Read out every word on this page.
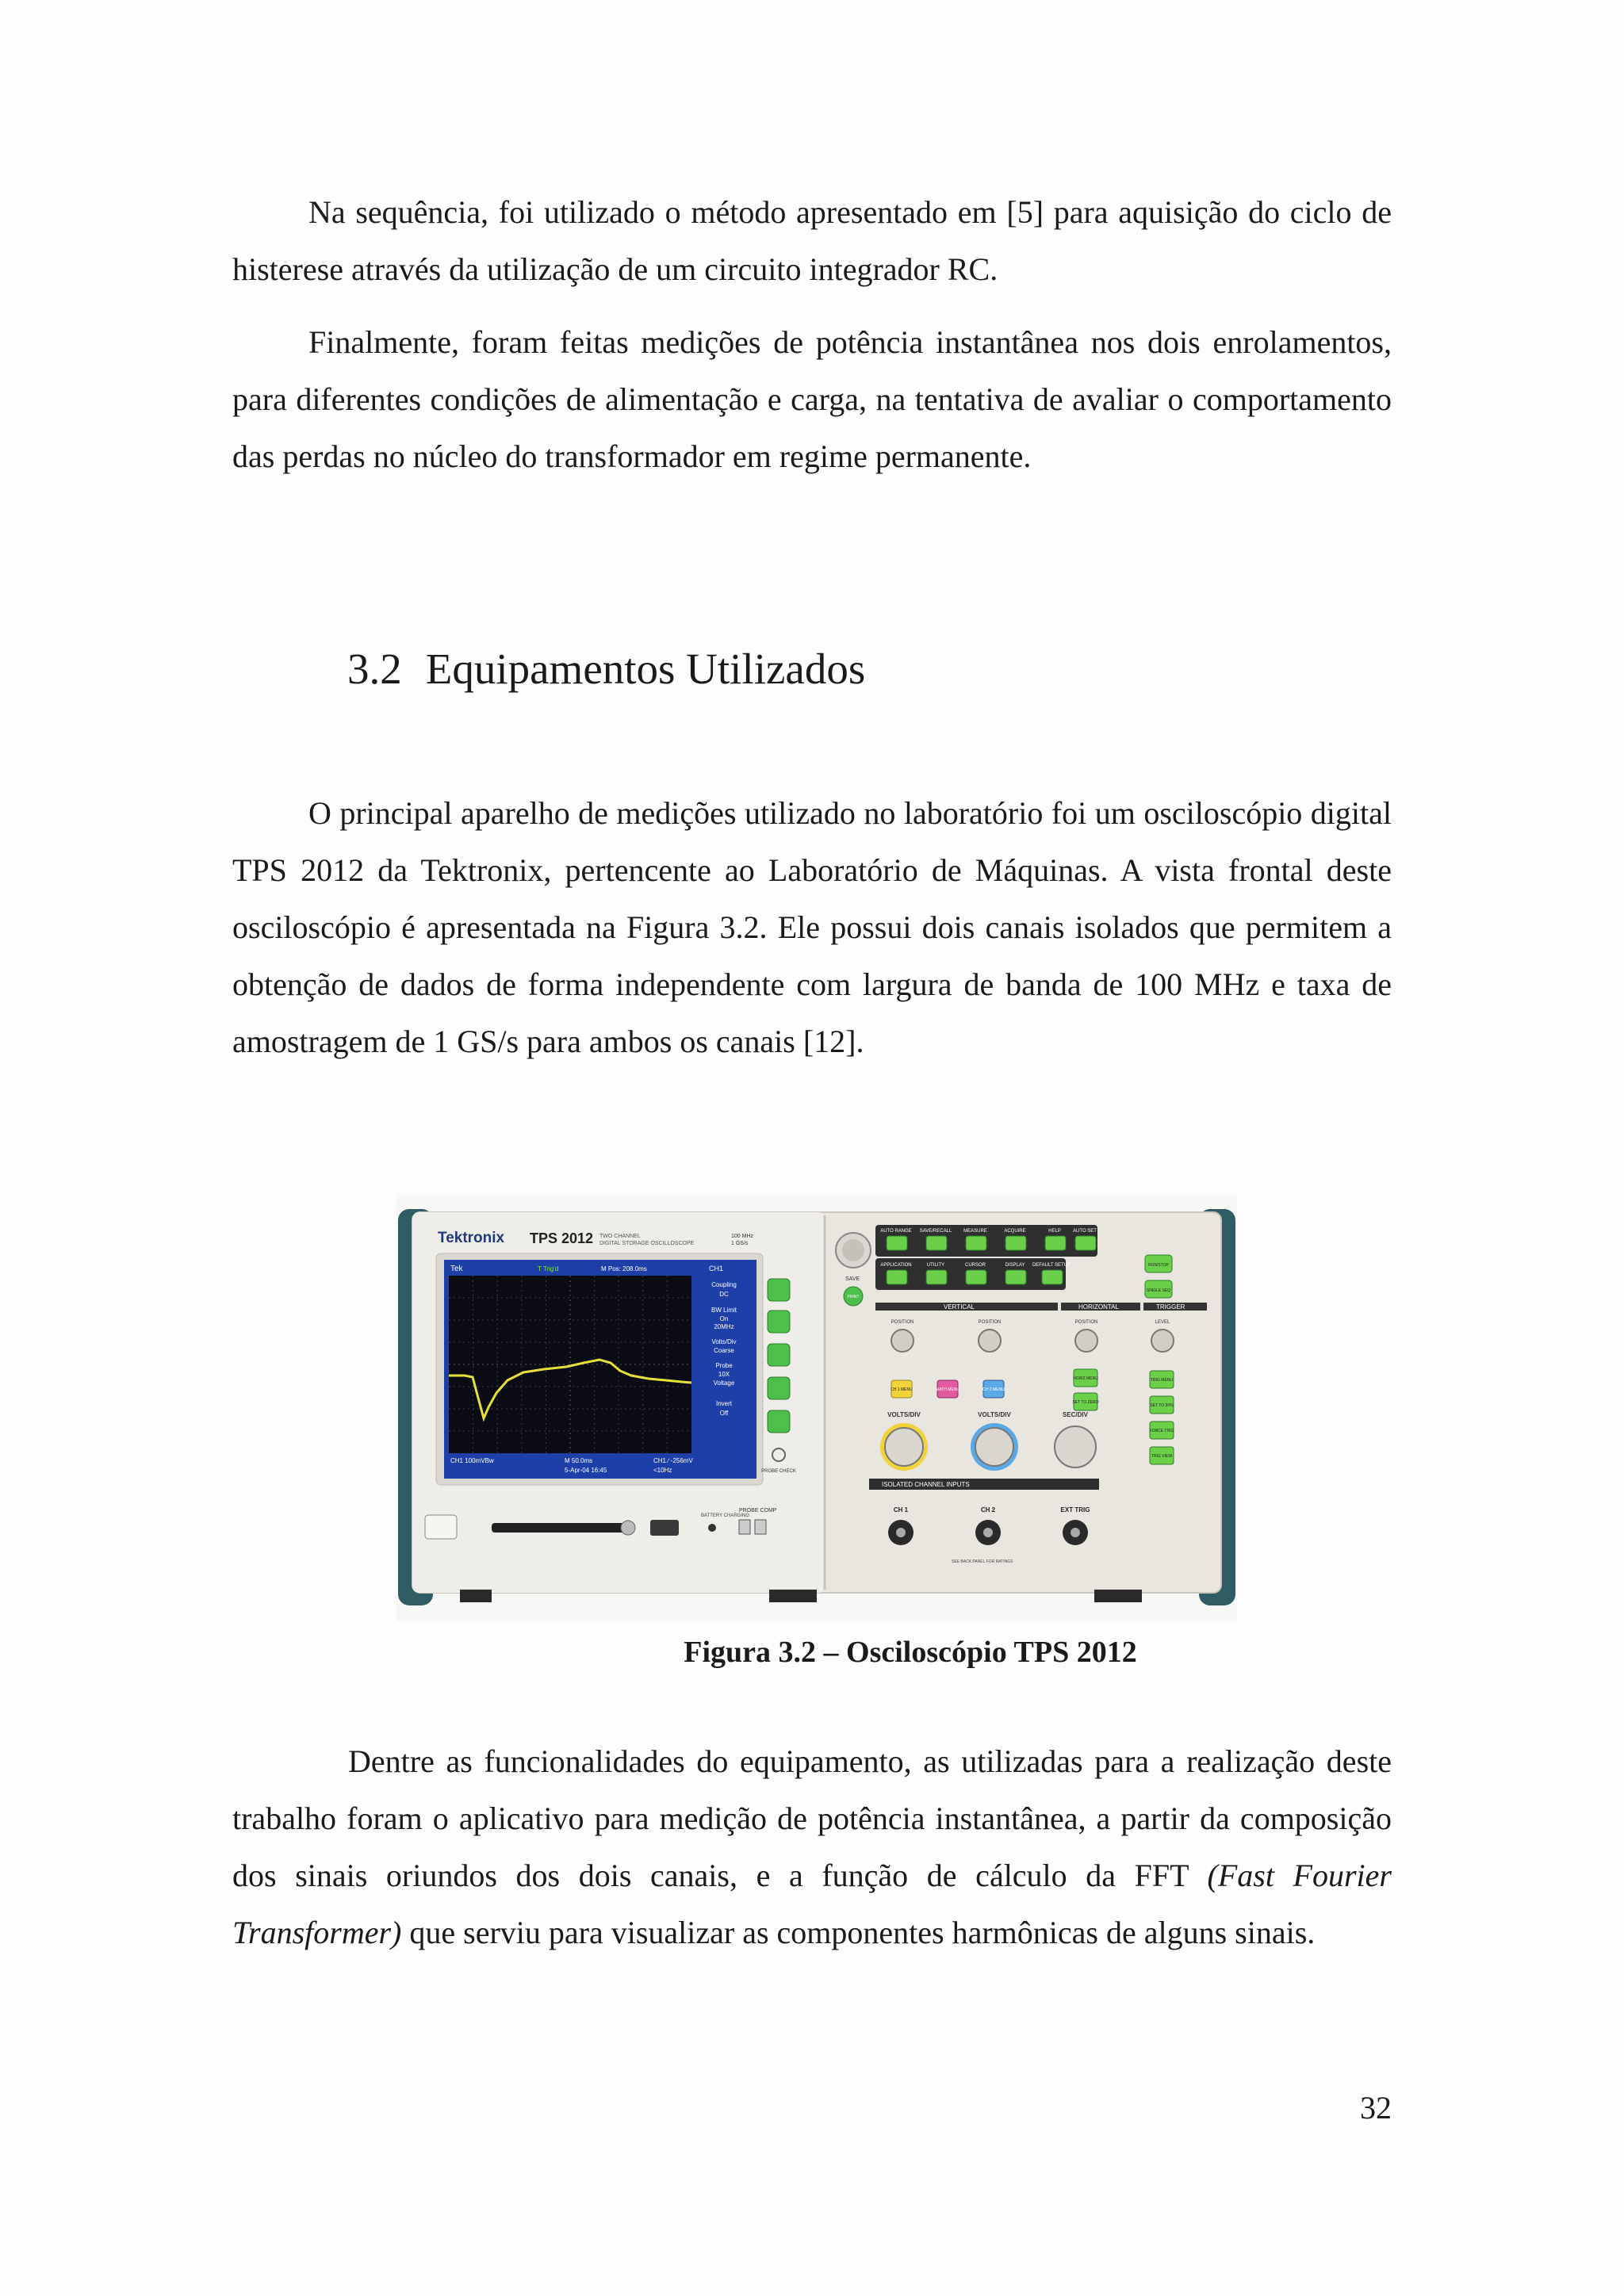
Na sequência, foi utilizado o método apresentado em [5] para aquisição do ciclo de histerese através da utilização de um circuito integrador RC.

Finalmente, foram feitas medições de potência instantânea nos dois enrolamentos, para diferentes condições de alimentação e carga, na tentativa de avaliar o comportamento das perdas no núcleo do transformador em regime permanente.

3.2 Equipamentos Utilizados

O principal aparelho de medições utilizado no laboratório foi um osciloscópio digital TPS 2012 da Tektronix, pertencente ao Laboratório de Máquinas. A vista frontal deste osciloscópio é apresentada na Figura 3.2. Ele possui dois canais isolados que permitem a obtenção de dados de forma independente com largura de banda de 100 MHz e taxa de amostragem de 1 GS/s para ambos os canais [12].

Tektronix TPS 2012 TWO CHANNEL
DIGITAL STORAGE OSCILLOSCOPE
100 MHz
1 GS/s
Tek	T Trig'd	M Pos: 208.0ms	CH1
Coupling
DC
BW Limit
On
20MHz
Volts/Div
Coarse
Probe
10X
Voltage
Invert
Off
CH1 100mVBw	M 50.0ms
5-Apr-04 16:45
CH1 ∕ -256mV
<10Hz	PROBE CHECK
BATTERY CHARGING
PROBE COMP
SAVE
PRINT
AUTO RANGE SAVE/RECALL MEASURE	ACQUIRE	HELP	AUTO SET
APPLICATION	UTILITY	CURSOR	DISPLAY DEFAULT SETUP	RUN/STOP
SINGLE SEQ
VERTICAL	HORIZONTAL	TRIGGER
POSITION	POSITION	POSITION	LEVEL
CH 1 MENU	MATH MENU	CH 2 MENU
HORIZ MENU
SET TO ZERO
TRIG MENU
SET TO 50%
FORCE TRIG
TRIG VIEW
VOLTS/DIV	VOLTS/DIV	SEC/DIV
ISOLATED CHANNEL INPUTS
CH 1	CH 2	EXT TRIG
SEE BACK PANEL FOR RATINGS

Figura 3.2 – Osciloscópio TPS 2012

Dentre as funcionalidades do equipamento, as utilizadas para a realização deste trabalho foram o aplicativo para medição de potência instantânea, a partir da composição dos sinais oriundos dos dois canais, e a função de cálculo da FFT (Fast Fourier Transformer) que serviu para visualizar as componentes harmônicas de alguns sinais.

32
